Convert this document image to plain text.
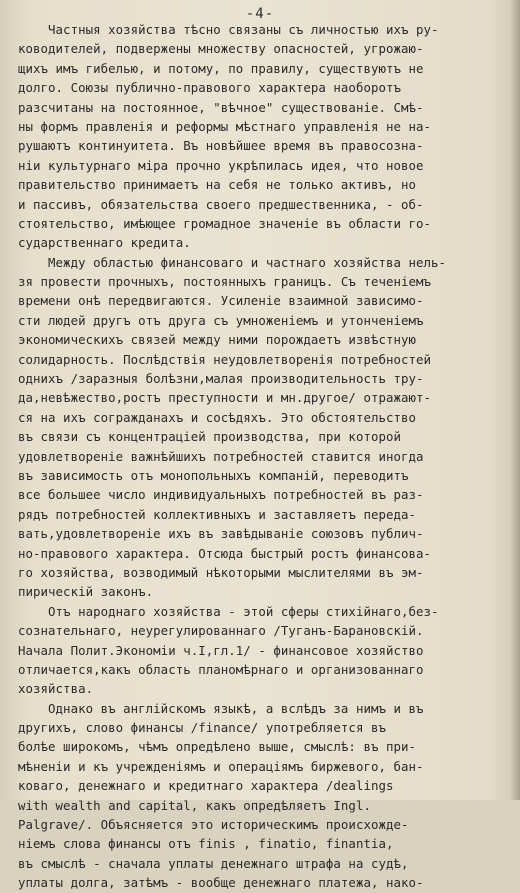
-4-
Частныя хозяйства тѣсно связаны съ личностью ихъ ру-
ководителей, подвержены множеству опасностей, угрожаю-
щихъ имъ гибелью, и потому, по правилу, существуютъ не
долго. Союзы публично-правового характера наоборотъ
разсчитаны на постоянное, "вѣчное" существованіе. Смѣ-
ны формъ правленія и реформы мѣстнаго управленія не на-
рушаютъ континуитета. Въ новѣйшее время въ правосозна-
ніи культурнаго міра прочно укрѣпилась идея, что новое
правительство принимаетъ на себя не только активъ, но
и пассивъ, обязательства своего предшественника, - об-
стоятельство, имѣющее громадное значеніе въ области го-
сударственнаго кредита.
Между областью финансоваго и частнаго хозяйства нель-
зя провести прочныхъ, постоянныхъ границъ. Съ теченіемъ
времени онѣ передвигаются. Усиленіе взаимной зависимо-
сти людей другъ отъ друга съ умноженіемъ и утонченіемъ
экономическихъ связей между ними порождаетъ извѣстную
солидарность. Послѣдствія неудовлетворенія потребностей
однихъ /заразныя болѣзни,малая производительность тру-
да,невѣжество,ростъ преступности и мн.другое/ отражают-
ся на ихъ согражданахъ и сосѣдяхъ. Это обстоятельство
въ связи съ концентраціей производства, при которой
удовлетвореніе важнѣйшихъ потребностей ставится иногда
въ зависимость отъ монопольныхъ компаній, переводитъ
все большее число индивидуальныхъ потребностей въ раз-
рядъ потребностей коллективныхъ и заставляетъ переда-
вать,удовлетвореніе ихъ въ завѣдываніе союзовъ публич-
но-правового характера. Отсюда быстрый ростъ финансова-
го хозяйства, возводимый нѣкоторыми мыслителями въ эм-
пирическій законъ.
Отъ народнаго хозяйства - этой сферы стихійнаго,без-
сознательнаго, неурегулированнаго /Туганъ-Барановскій.
Начала Полит.Экономіи ч.I,гл.1/ - финансовое хозяйство
отличается,какъ область планомѣрнаго и организованнаго
хозяйства.
Однако въ англійскомъ языкѣ, а вслѣдъ за нимъ и въ
другихъ, слово финансы /finance/ употребляется въ
болѣе широкомъ, чѣмъ опредѣлено выше, смыслѣ: въ при-
мѣненіи и къ учрежденіямъ и операціямъ биржевого, бан-
коваго, денежнаго и кредитнаго характера /dealings
with wealth and capital, какъ опредѣляетъ Ingl.
Palgrave/. Объясняется это историческимъ происхожде-
ніемъ слова финансы отъ finis , finatio, finantia,
въ смыслѣ - сначала уплаты денежнаго штрафа на судѣ,
уплаты долга, затѣмъ - вообще денежнаго платежа, нако-
